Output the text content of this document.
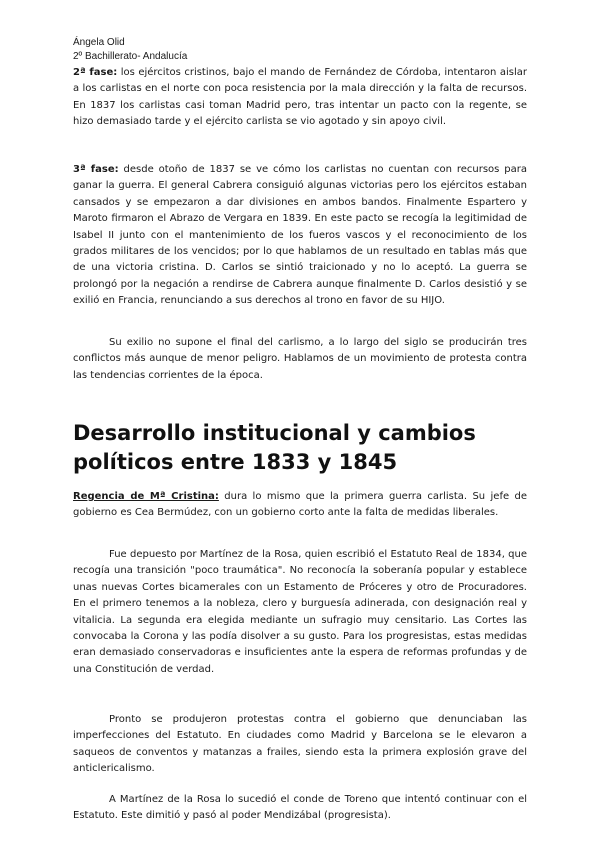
Ángela Olid
2º Bachillerato- Andalucía

2ª fase: los ejércitos cristinos, bajo el mando de Fernández de Córdoba, intentaron aislar a los carlistas en el norte con poca resistencia por la mala dirección y la falta de recursos. En 1837 los carlistas casi toman Madrid pero, tras intentar un pacto con la regente, se hizo demasiado tarde y el ejército carlista se vio agotado y sin apoyo civil.

3ª fase: desde otoño de 1837 se ve cómo los carlistas no cuentan con recursos para ganar la guerra. El general Cabrera consiguió algunas victorias pero los ejércitos estaban cansados y se empezaron a dar divisiones en ambos bandos. Finalmente Espartero y Maroto firmaron el Abrazo de Vergara en 1839. En este pacto se recogía la legitimidad de Isabel II junto con el mantenimiento de los fueros vascos y el reconocimiento de los grados militares de los vencidos; por lo que hablamos de un resultado en tablas más que de una victoria cristina. D. Carlos se sintió traicionado y no lo aceptó. La guerra se prolongó por la negación a rendirse de Cabrera aunque finalmente D. Carlos desistió y se exilió en Francia, renunciando a sus derechos al trono en favor de su HIJO.

Su exilio no supone el final del carlismo, a lo largo del siglo se producirán tres conflictos más aunque de menor peligro. Hablamos de un movimiento de protesta contra las tendencias corrientes de la época.

Desarrollo institucional y cambios políticos entre 1833 y 1845

Regencia de Mª Cristina: dura lo mismo que la primera guerra carlista. Su jefe de gobierno es Cea Bermúdez, con un gobierno corto ante la falta de medidas liberales.

Fue depuesto por Martínez de la Rosa, quien escribió el Estatuto Real de 1834, que recogía una transición "poco traumática". No reconocía la soberanía popular y establece unas nuevas Cortes bicamerales con un Estamento de Próceres y otro de Procuradores. En el primero tenemos a la nobleza, clero y burguesía adinerada, con designación real y vitalicia. La segunda era elegida mediante un sufragio muy censitario. Las Cortes las convocaba la Corona y las podía disolver a su gusto. Para los progresistas, estas medidas eran demasiado conservadoras e insuficientes ante la espera de reformas profundas y de una Constitución de verdad.

Pronto se produjeron protestas contra el gobierno que denunciaban las imperfecciones del Estatuto. En ciudades como Madrid y Barcelona se le elevaron a saqueos de conventos y matanzas a frailes, siendo esta la primera explosión grave del anticlericalismo.

A Martínez de la Rosa lo sucedió el conde de Toreno que intentó continuar con el Estatuto. Este dimitió y pasó al poder Mendizábal (progresista).
